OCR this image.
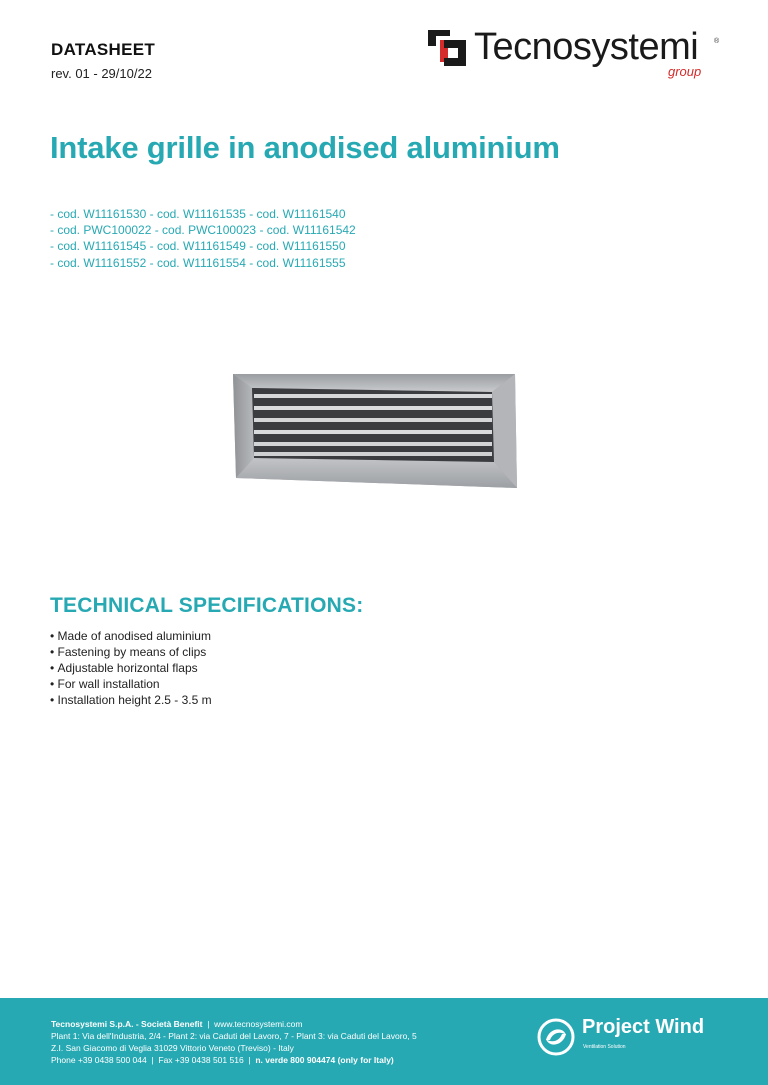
DATASHEET
rev. 01 - 29/10/22
Tecnosystemi ®
group
Intake grille in anodised aluminium
- cod. W11161530 - cod. W11161535 - cod. W11161540
- cod. PWC100022 - cod. PWC100023 - cod. W11161542
- cod. W11161545 - cod. W11161549 - cod. W11161550
- cod. W11161552 - cod. W11161554 - cod. W11161555
TECHNICAL SPECIFICATIONS:
• Made of anodised aluminium
• Fastening by means of clips
• Adjustable horizontal flaps
• For wall installation
• Installation height 2.5 - 3.5 m
Tecnosystemi S.p.A. - Società Benefit  |  www.tecnosystemi.com
Plant 1: Via dell'Industria, 2/4 - Plant 2: via Caduti del Lavoro, 7 - Plant 3: via Caduti del Lavoro, 5
Z.I. San Giacomo di Veglia 31029 Vittorio Veneto (Treviso) - Italy
Phone +39 0438 500 044  |  Fax +39 0438 501 516  |  n. verde 800 904474 (only for Italy)
Project Wind
Ventilation Solution
